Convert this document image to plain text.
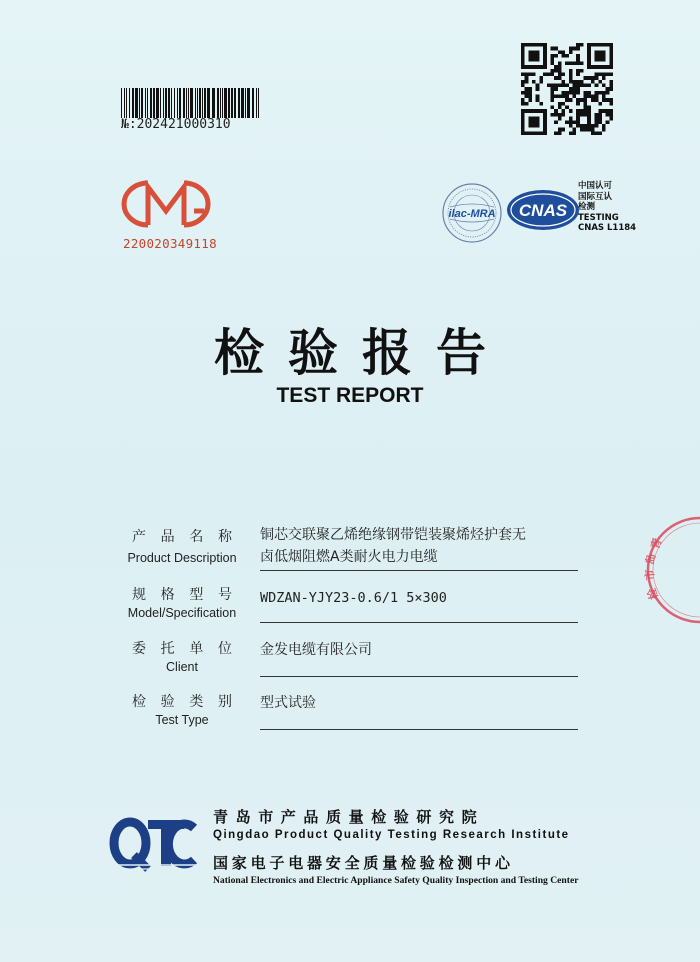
№:202421000310
CMA
220020349118
ilac-MRA CNAS
中国认可
国际互认
检测
TESTING
CNAS L1184
检验报告
TEST REPORT
产品名称
Product Description
铜芯交联聚乙烯绝缘钢带铠装聚烯烃护套无
卤低烟阻燃A类耐火电力电缆
规格型号
Model/Specification
WDZAN-YJY23-0.6/1 5×300
委托单位
Client
金发电缆有限公司
检验类别
Test Type
型式试验
QTC	青岛市产品质量检验研究院
Qingdao Product Quality Testing Research Institute
国家电子电器安全质量检验检测中心
National Electronics and Electric Appliance Safety Quality Inspection and Testing Center
青
岛
市
检
